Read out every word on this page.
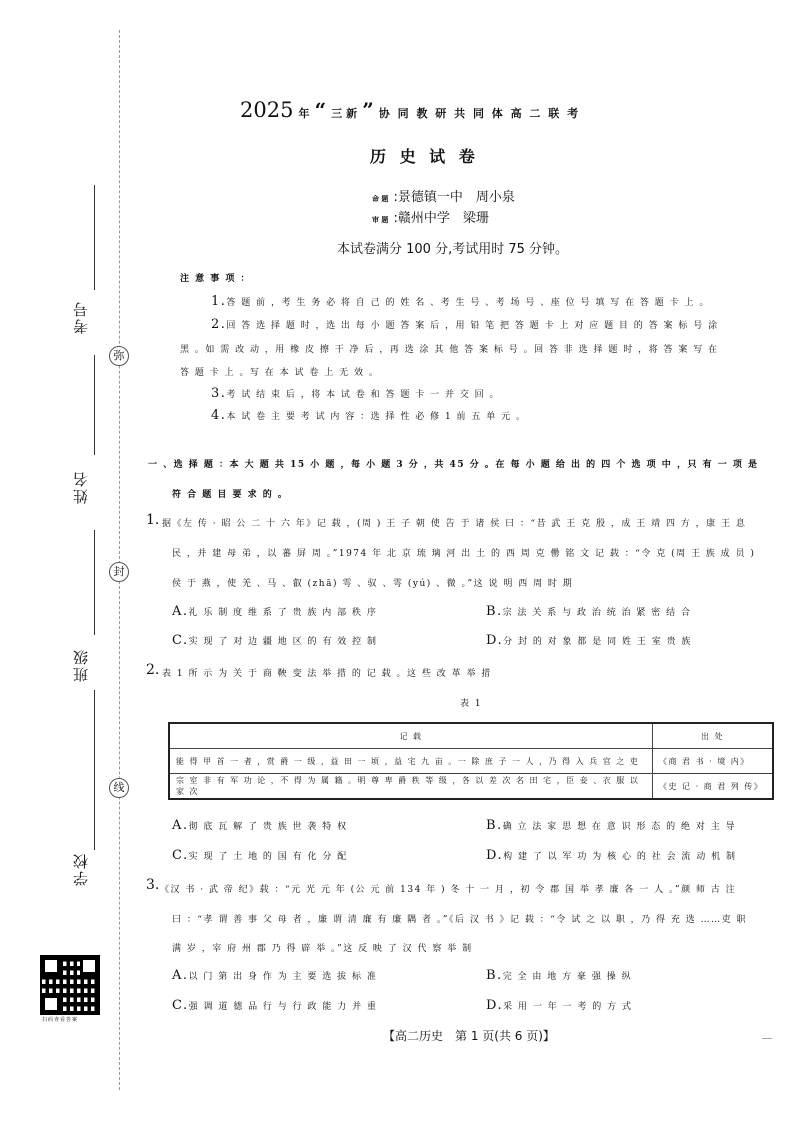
考号
姓名
班级
学校
弥
封
线
扫码查看答案
2025 年 “ 三 新 ” 协 同 教 研 共 同 体 高 二 联 考
历 史 试 卷
命 题 :景德镇一中　周小泉
审 题 :赣州中学　梁珊
本试卷满分 100 分,考试用时 75 分钟。
注 意 事 项 ：
1.答 题 前 ，考 生 务 必 将 自 己 的 姓 名 、考 生 号 、考 场 号 、座 位 号 填 写 在 答 题 卡 上 。
2.回 答 选 择 题 时 ，选 出 每 小 题 答 案 后 ，用 铅 笔 把 答 题 卡 上 对 应 题 目 的 答 案 标 号 涂
黑 。如 需 改 动 ，用 橡 皮 擦 干 净 后 ，再 选 涂 其 他 答 案 标 号 。回 答 非 选 择 题 时 ，将 答 案 写 在
答 题 卡 上 。写 在 本 试 卷 上 无 效 。
3.考 试 结 束 后 ，将 本 试 卷 和 答 题 卡 一 并 交 回 。
4.本 试 卷 主 要 考 试 内 容 ：选 择 性 必 修 1 前 五 单 元 。
一 、选 择 题 ：本 大 题 共 15 小 题 ，每 小 题 3 分 ，共 45 分 。在 每 小 题 给 出 的 四 个 选 项 中 ，只 有 一 项 是
符 合 题 目 要 求 的 。
1. 据《左 传 · 昭 公 二 十 六 年》记 载 ，(周 ) 王 子 朝 使 告 于 诸 侯 曰 ：“昔 武 王 克 殷 ，成 王 靖 四 方 ，康 王 息
民 ，并 建 母 弟 ，以 蕃 屏 周 。”1974 年 北 京 琉 璃 河 出 土 的 西 周 克 罍 铭 文 记 载 ：“令 克 (周 王 族 成 员 )
侯 于 燕 ，使 羌 、马 、叡 (zhā) 雩 、驭 、雩 (yú) 、微 。”这 说 明 西 周 时 期
A.礼 乐 制 度 维 系 了 贵 族 内 部 秩 序	B.宗 法 关 系 与 政 治 统 治 紧 密 结 合
C.实 现 了 对 边 疆 地 区 的 有 效 控 制	D.分 封 的 对 象 都 是 同 姓 王 室 贵 族
2. 表 1 所 示 为 关 于 商 鞅 变 法 举 措 的 记 载 。这 些 改 革 举 措
表 1
记 载	出 处
能 得 甲 首 一 者 ，赏 爵 一 级 ，益 田 一 顷 ，益 宅 九 亩 。一 除 庶 子 一 人 ，乃 得 入 兵 官 之 吏	《商 君 书 · 境 内》
宗 室 非 有 军 功 论 ，不 得 为 属 籍 。明 尊 卑 爵 秩 等 级 ，各 以 差 次 名 田 宅 ，臣 妾 、衣 服 以 家 次	《史 记 · 商 君 列 传》
A.彻 底 瓦 解 了 贵 族 世 袭 特 权	B.确 立 法 家 思 想 在 意 识 形 态 的 绝 对 主 导
C.实 现 了 土 地 的 国 有 化 分 配	D.构 建 了 以 军 功 为 核 心 的 社 会 流 动 机 制
3. 《汉 书 · 武 帝 纪》载 ：“元 光 元 年 (公 元 前 134 年 ) 冬 十 一 月 ，初 令 郡 国 举 孝 廉 各 一 人 。”颜 师 古 注
曰 ：“孝 谓 善 事 父 母 者 ，廉 谓 清 廉 有 廉 隅 者 。”《后 汉 书 》记 载 ：“令 试 之 以 职 ，乃 得 充 选 ……吏 职
满 岁 ，宰 府 州 郡 乃 得 辟 举 。”这 反 映 了 汉 代 察 举 制
A.以 门 第 出 身 作 为 主 要 选 拔 标 准	B.完 全 由 地 方 豪 强 操 纵
C.强 调 道 德 品 行 与 行 政 能 力 并 重	D.采 用 一 年 一 考 的 方 式
【高二历史　第 1 页(共 6 页)】
